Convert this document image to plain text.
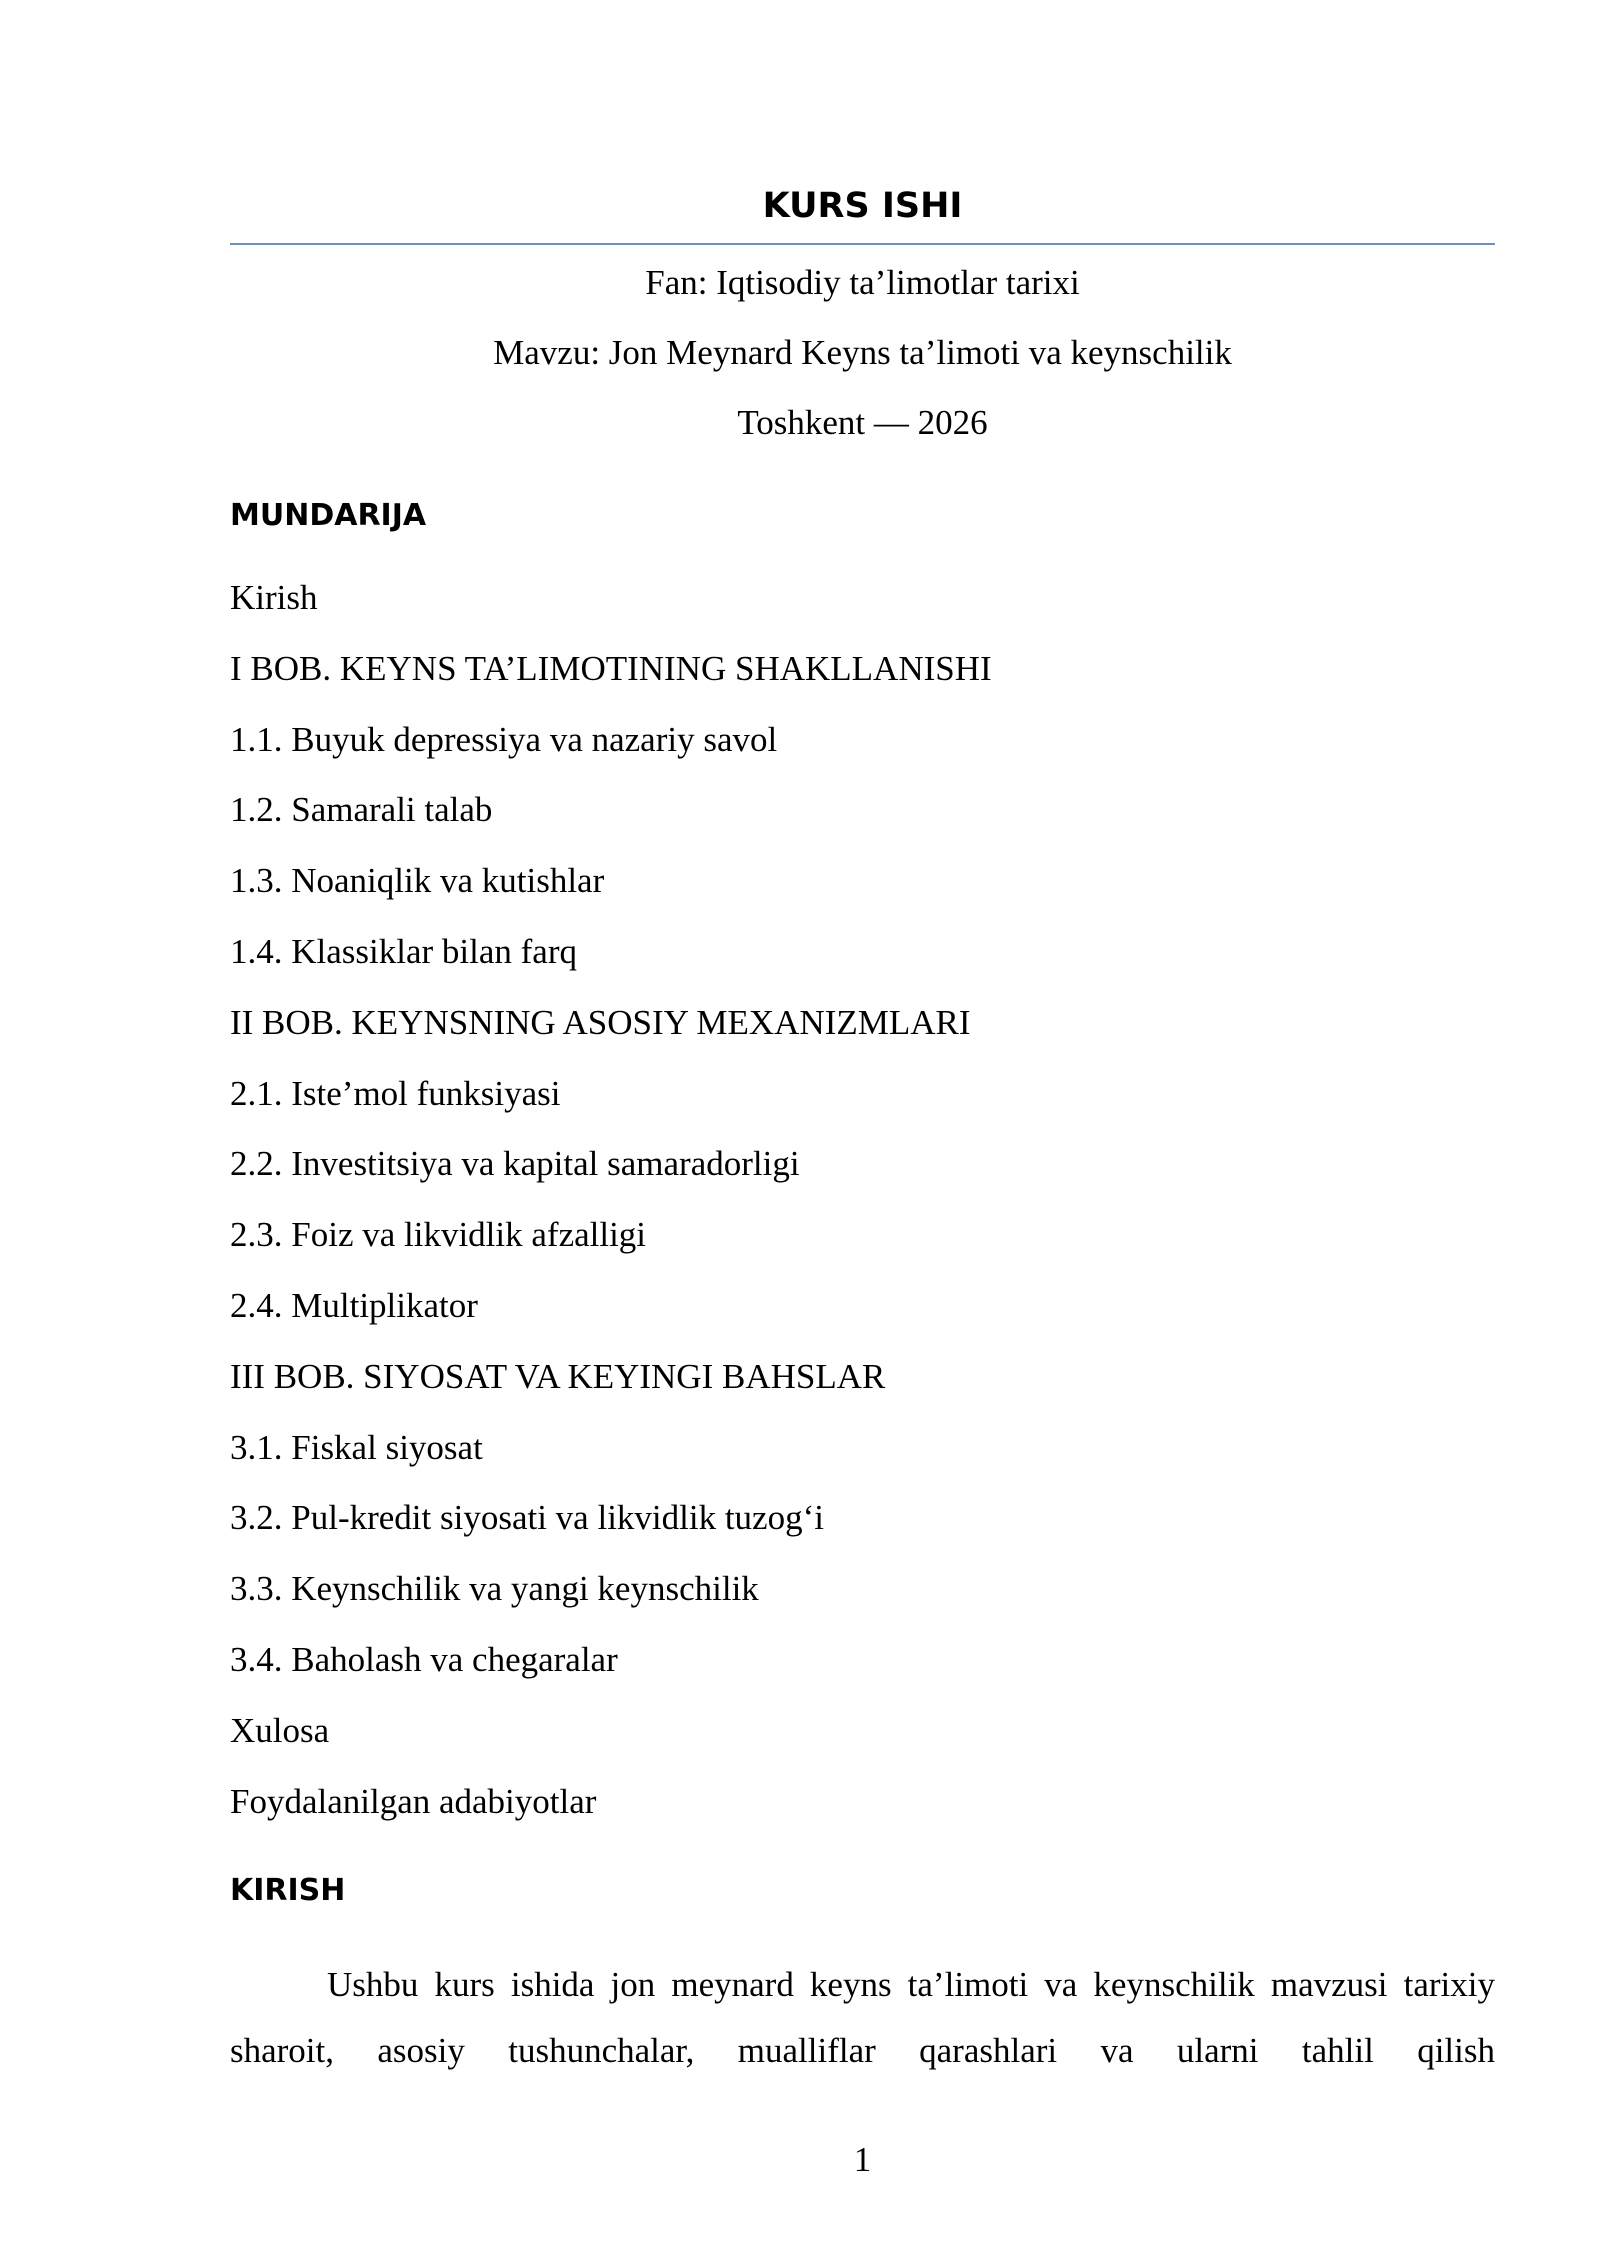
KURS ISHI

Fan: Iqtisodiy ta’limotlar tarixi

Mavzu: Jon Meynard Keyns ta’limoti va keynschilik

Toshkent — 2026

MUNDARIJA
Kirish
I BOB. KEYNS TA’LIMOTINING SHAKLLANISHI
1.1. Buyuk depressiya va nazariy savol
1.2. Samarali talab
1.3. Noaniqlik va kutishlar
1.4. Klassiklar bilan farq
II BOB. KEYNSNING ASOSIY MEXANIZMLARI
2.1. Iste’mol funksiyasi
2.2. Investitsiya va kapital samaradorligi
2.3. Foiz va likvidlik afzalligi
2.4. Multiplikator
III BOB. SIYOSAT VA KEYINGI BAHSLAR
3.1. Fiskal siyosat
3.2. Pul-kredit siyosati va likvidlik tuzog‘i
3.3. Keynschilik va yangi keynschilik
3.4. Baholash va chegaralar
Xulosa
Foydalanilgan adabiyotlar
KIRISH

Ushbu kurs ishida jon meynard keyns ta’limoti va keynschilik mavzusi tarixiy sharoit, asosiy tushunchalar, mualliflar qarashlari va ularni tahlil qilish

1
